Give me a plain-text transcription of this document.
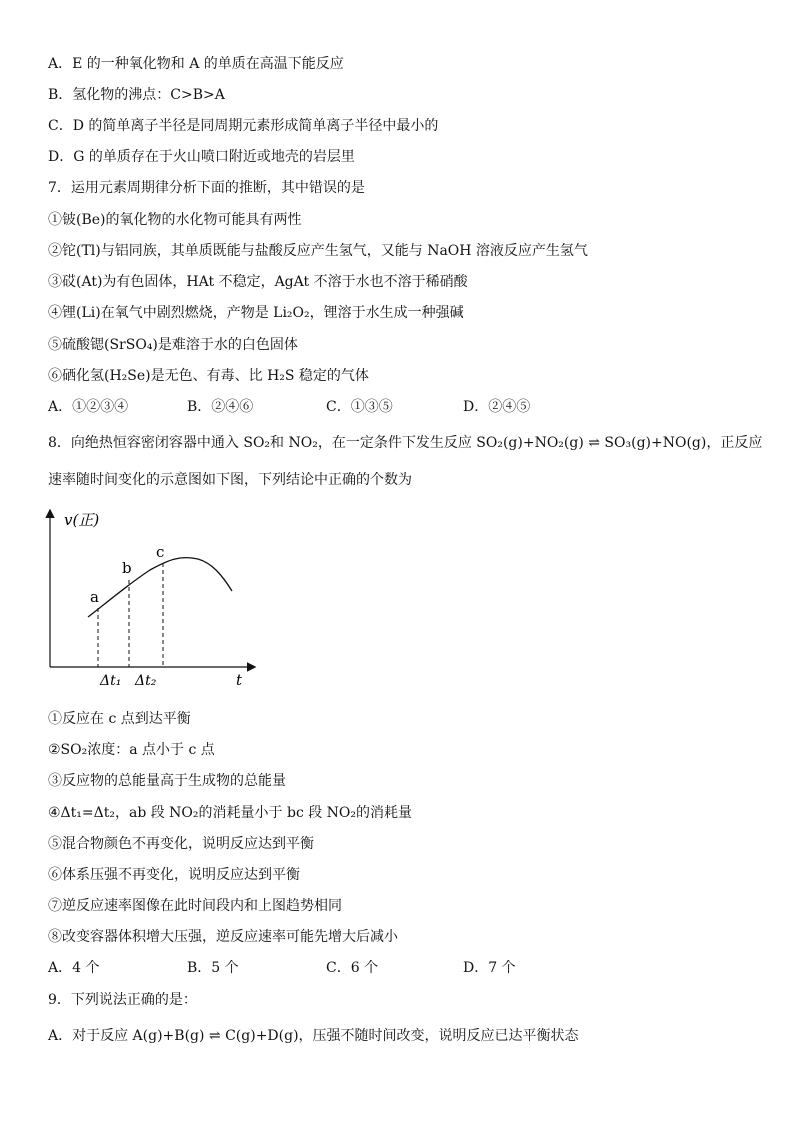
A．E 的一种氧化物和 A 的单质在高温下能反应
B．氢化物的沸点：C>B>A
C．D 的简单离子半径是同周期元素形成简单离子半径中最小的
D．G 的单质存在于火山喷口附近或地壳的岩层里
7．运用元素周期律分析下面的推断，其中错误的是
①铍(Be)的氧化物的水化物可能具有两性
②铊(Tl)与铝同族，其单质既能与盐酸反应产生氢气，又能与 NaOH 溶液反应产生氢气
③砹(At)为有色固体，HAt 不稳定，AgAt 不溶于水也不溶于稀硝酸
④锂(Li)在氧气中剧烈燃烧，产物是 Li₂O₂，锂溶于水生成一种强碱
⑤硫酸锶(SrSO₄)是难溶于水的白色固体
⑥硒化氢(H₂Se)是无色、有毒、比 H₂S 稳定的气体
A．①②③④	B．②④⑥	C．①③⑤	D．②④⑤
8．向绝热恒容密闭容器中通入 SO₂和 NO₂，在一定条件下发生反应 SO₂(g)+NO₂(g) ⇌ SO₃(g)+NO(g)，正反应
速率随时间变化的示意图如下图，下列结论中正确的个数为
v(正)
t
a
b
c
Δt₁ Δt₂
①反应在 c 点到达平衡
②SO₂浓度：a 点小于 c 点
③反应物的总能量高于生成物的总能量
④Δt₁=Δt₂，ab 段 NO₂的消耗量小于 bc 段 NO₂的消耗量
⑤混合物颜色不再变化，说明反应达到平衡
⑥体系压强不再变化，说明反应达到平衡
⑦逆反应速率图像在此时间段内和上图趋势相同
⑧改变容器体积增大压强，逆反应速率可能先增大后减小
A．4 个	B．5 个	C．6 个	D．7 个
9．下列说法正确的是：
A．对于反应 A(g)+B(g) ⇌ C(g)+D(g)，压强不随时间改变，说明反应已达平衡状态
